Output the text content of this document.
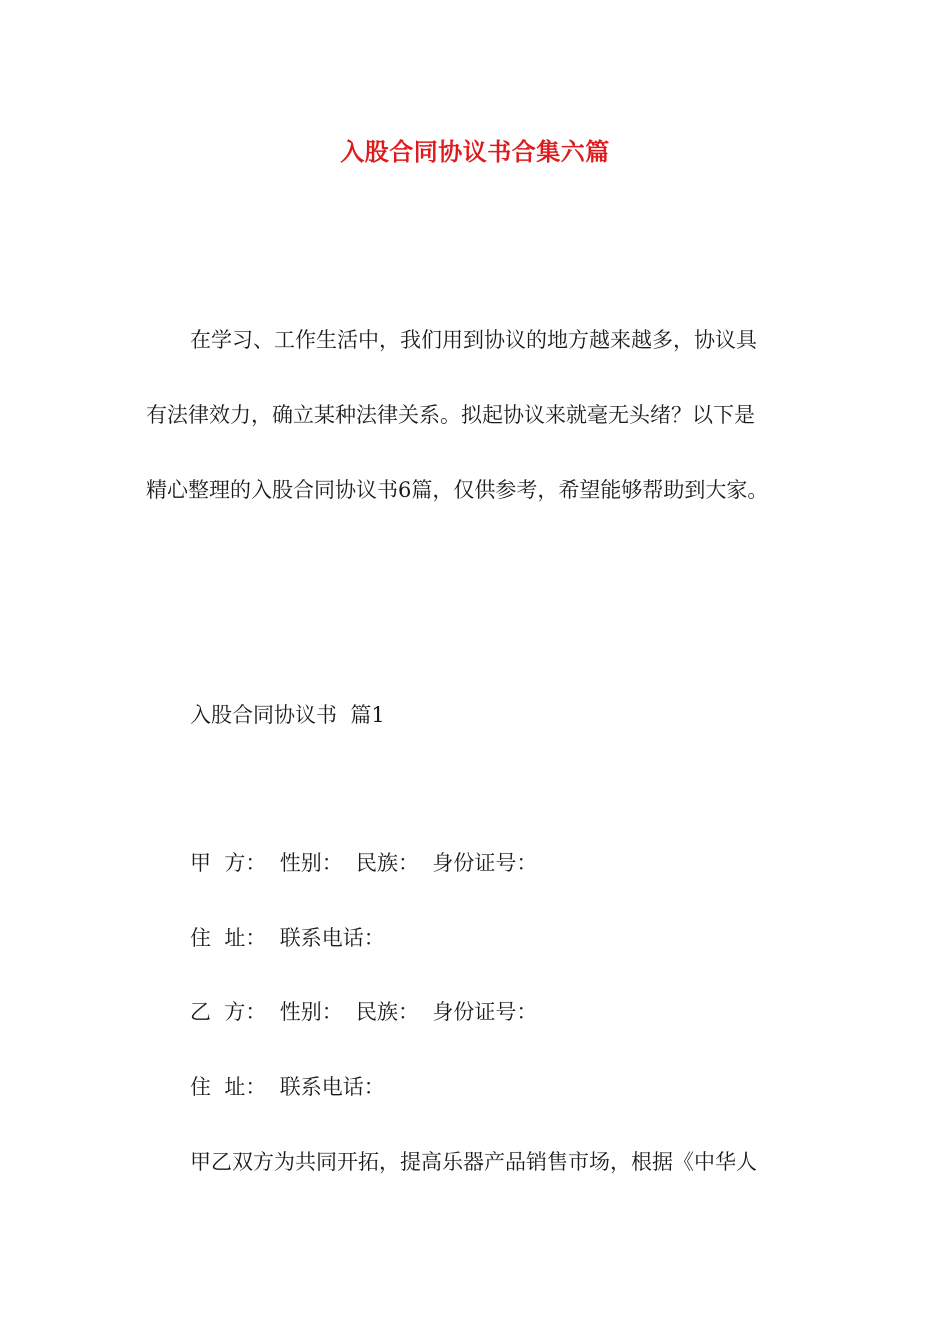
入股合同协议书合集六篇
在学习、工作生活中，我们用到协议的地方越来越多，协议具
有法律效力，确立某种法律关系。拟起协议来就毫无头绪？以下是
精心整理的入股合同协议书6篇，仅供参考，希望能够帮助到大家。
入股合同协议书  篇1
甲  方：  性别：  民族：  身份证号：
住  址：  联系电话：
乙  方：  性别：  民族：  身份证号：
住  址：  联系电话：
甲乙双方为共同开拓，提高乐器产品销售市场，根据《中华人
